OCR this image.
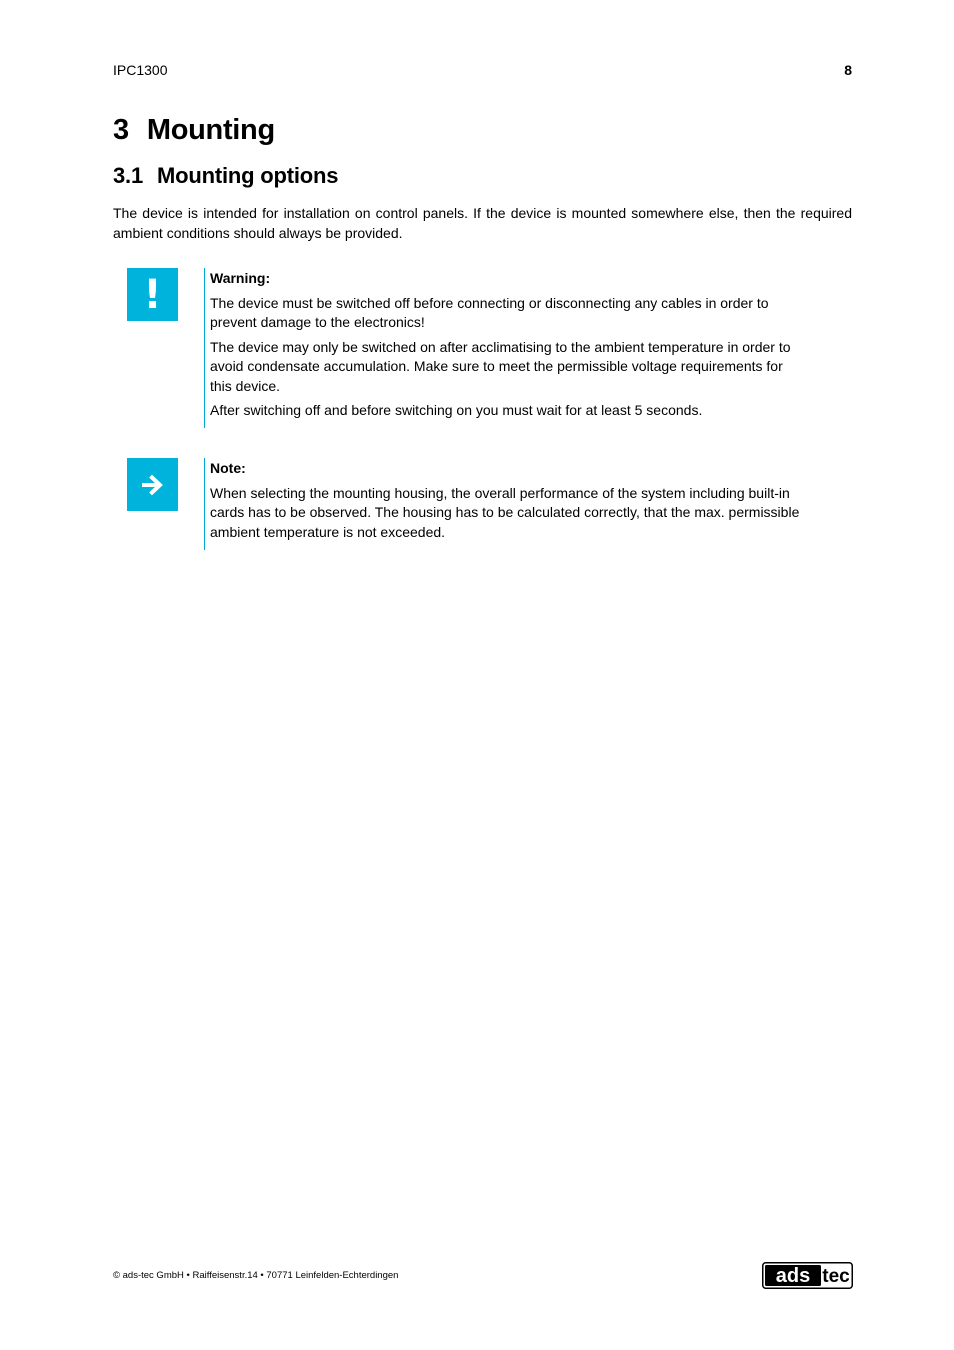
IPC1300	8
3 Mounting
3.1 Mounting options

The device is intended for installation on control panels. If the device is mounted somewhere else, then the required ambient conditions should always be provided.

!	Warning:

The device must be switched off before connecting or disconnecting any cables in order to prevent damage to the electronics!

The device may only be switched on after acclimatising to the ambient temperature in order to avoid condensate accumulation. Make sure to meet the permissible voltage requirements for this device.

After switching off and before switching on you must wait for at least 5 seconds.

Note:

When selecting the mounting housing, the overall performance of the system including built-in cards has to be observed. The housing has to be calculated correctly, that the max. permissible ambient temperature is not exceeded.

© ads-tec GmbH • Raiffeisenstr.14 • 70771 Leinfelden-Echterdingen	ads tec
